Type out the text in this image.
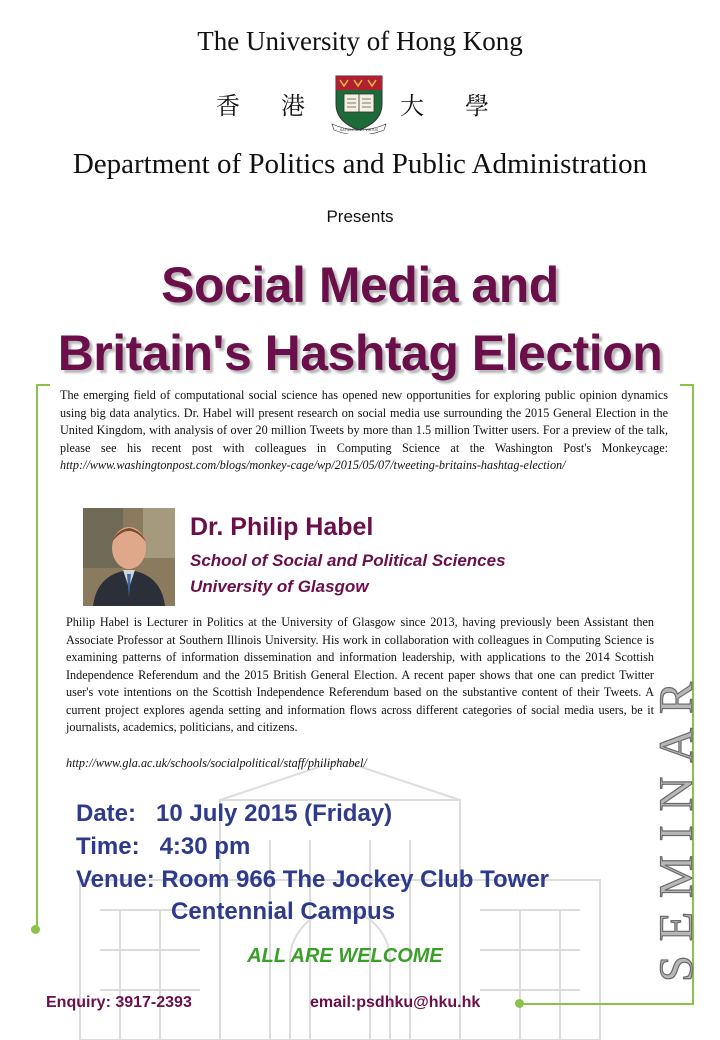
The University of Hong Kong
香 港	大 學
SAPIENTIA ET VIRTUS
Department of Politics and Public Administration
Presents
Social Media and
Britain's Hashtag Election
The emerging field of computational social science has opened new opportunities for exploring public opinion dynamics using big data analytics. Dr. Habel will present research on social media use surrounding the 2015 General Election in the United Kingdom, with analysis of over 20 million Tweets by more than 1.5 million Twitter users. For a preview of the talk, please see his recent post with colleagues in Computing Science at the Washington Post's Monkeycage: http://www.washingtonpost.com/blogs/monkey-cage/wp/2015/05/07/tweeting-britains-hashtag-election/
Dr. Philip Habel
School of Social and Political Sciences
University of Glasgow
Philip Habel is Lecturer in Politics at the University of Glasgow since 2013, having previously been Assistant then Associate Professor at Southern Illinois University. His work in collaboration with colleagues in Computing Science is examining patterns of information dissemination and information leadership, with applications to the 2014 Scottish Independence Referendum and the 2015 British General Election. A recent paper shows that one can predict Twitter user's vote intentions on the Scottish Independence Referendum based on the substantive content of their Tweets. A current project explores agenda setting and information flows across different categories of social media users, be it journalists, academics, politicians, and citizens.
http://www.gla.ac.uk/schools/socialpolitical/staff/philiphabel/
Date:   10 July 2015 (Friday)
Time:   4:30 pm
Venue: Room 966 The Jockey Club Tower
Centennial Campus
ALL ARE WELCOME
Enquiry: 3917-2393	email:psdhku@hku.hk
SEMINAR
